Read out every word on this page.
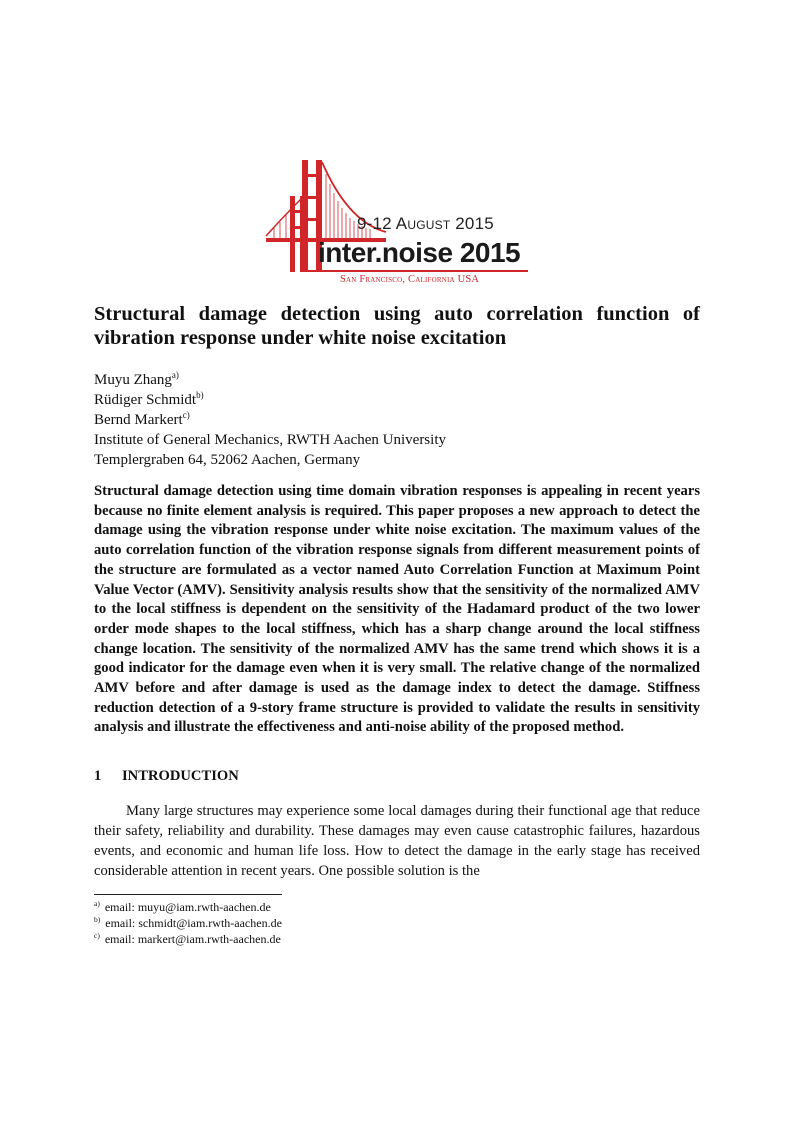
9-12 August 2015
inter.noise 2015
San Francisco, California USA
Structural damage detection using auto correlation function of vibration response under white noise excitation
Muyu Zhang$^{a)}$
Rüdiger Schmidt$^{b)}$
Bernd Markert$^{c)}$
Institute of General Mechanics, RWTH Aachen University
Templergraben 64, 52062 Aachen, Germany

Structural damage detection using time domain vibration responses is appealing in recent years because no finite element analysis is required. This paper proposes a new approach to detect the damage using the vibration response under white noise excitation. The maximum values of the auto correlation function of the vibration response signals from different measurement points of the structure are formulated as a vector named Auto Correlation Function at Maximum Point Value Vector (AMV). Sensitivity analysis results show that the sensitivity of the normalized AMV to the local stiffness is dependent on the sensitivity of the Hadamard product of the two lower order mode shapes to the local stiffness, which has a sharp change around the local stiffness change location. The sensitivity of the normalized AMV has the same trend which shows it is a good indicator for the damage even when it is very small. The relative change of the normalized AMV before and after damage is used as the damage index to detect the damage. Stiffness reduction detection of a 9-story frame structure is provided to validate the results in sensitivity analysis and illustrate the effectiveness and anti-noise ability of the proposed method.

1 INTRODUCTION

Many large structures may experience some local damages during their functional age that reduce their safety, reliability and durability. These damages may even cause catastrophic failures, hazardous events, and economic and human life loss. How to detect the damage in the early stage has received considerable attention in recent years. One possible solution is the

$^{a)}$ email: muyu@iam.rwth-aachen.de
$^{b)}$ email: schmidt@iam.rwth-aachen.de
$^{c)}$ email: markert@iam.rwth-aachen.de
